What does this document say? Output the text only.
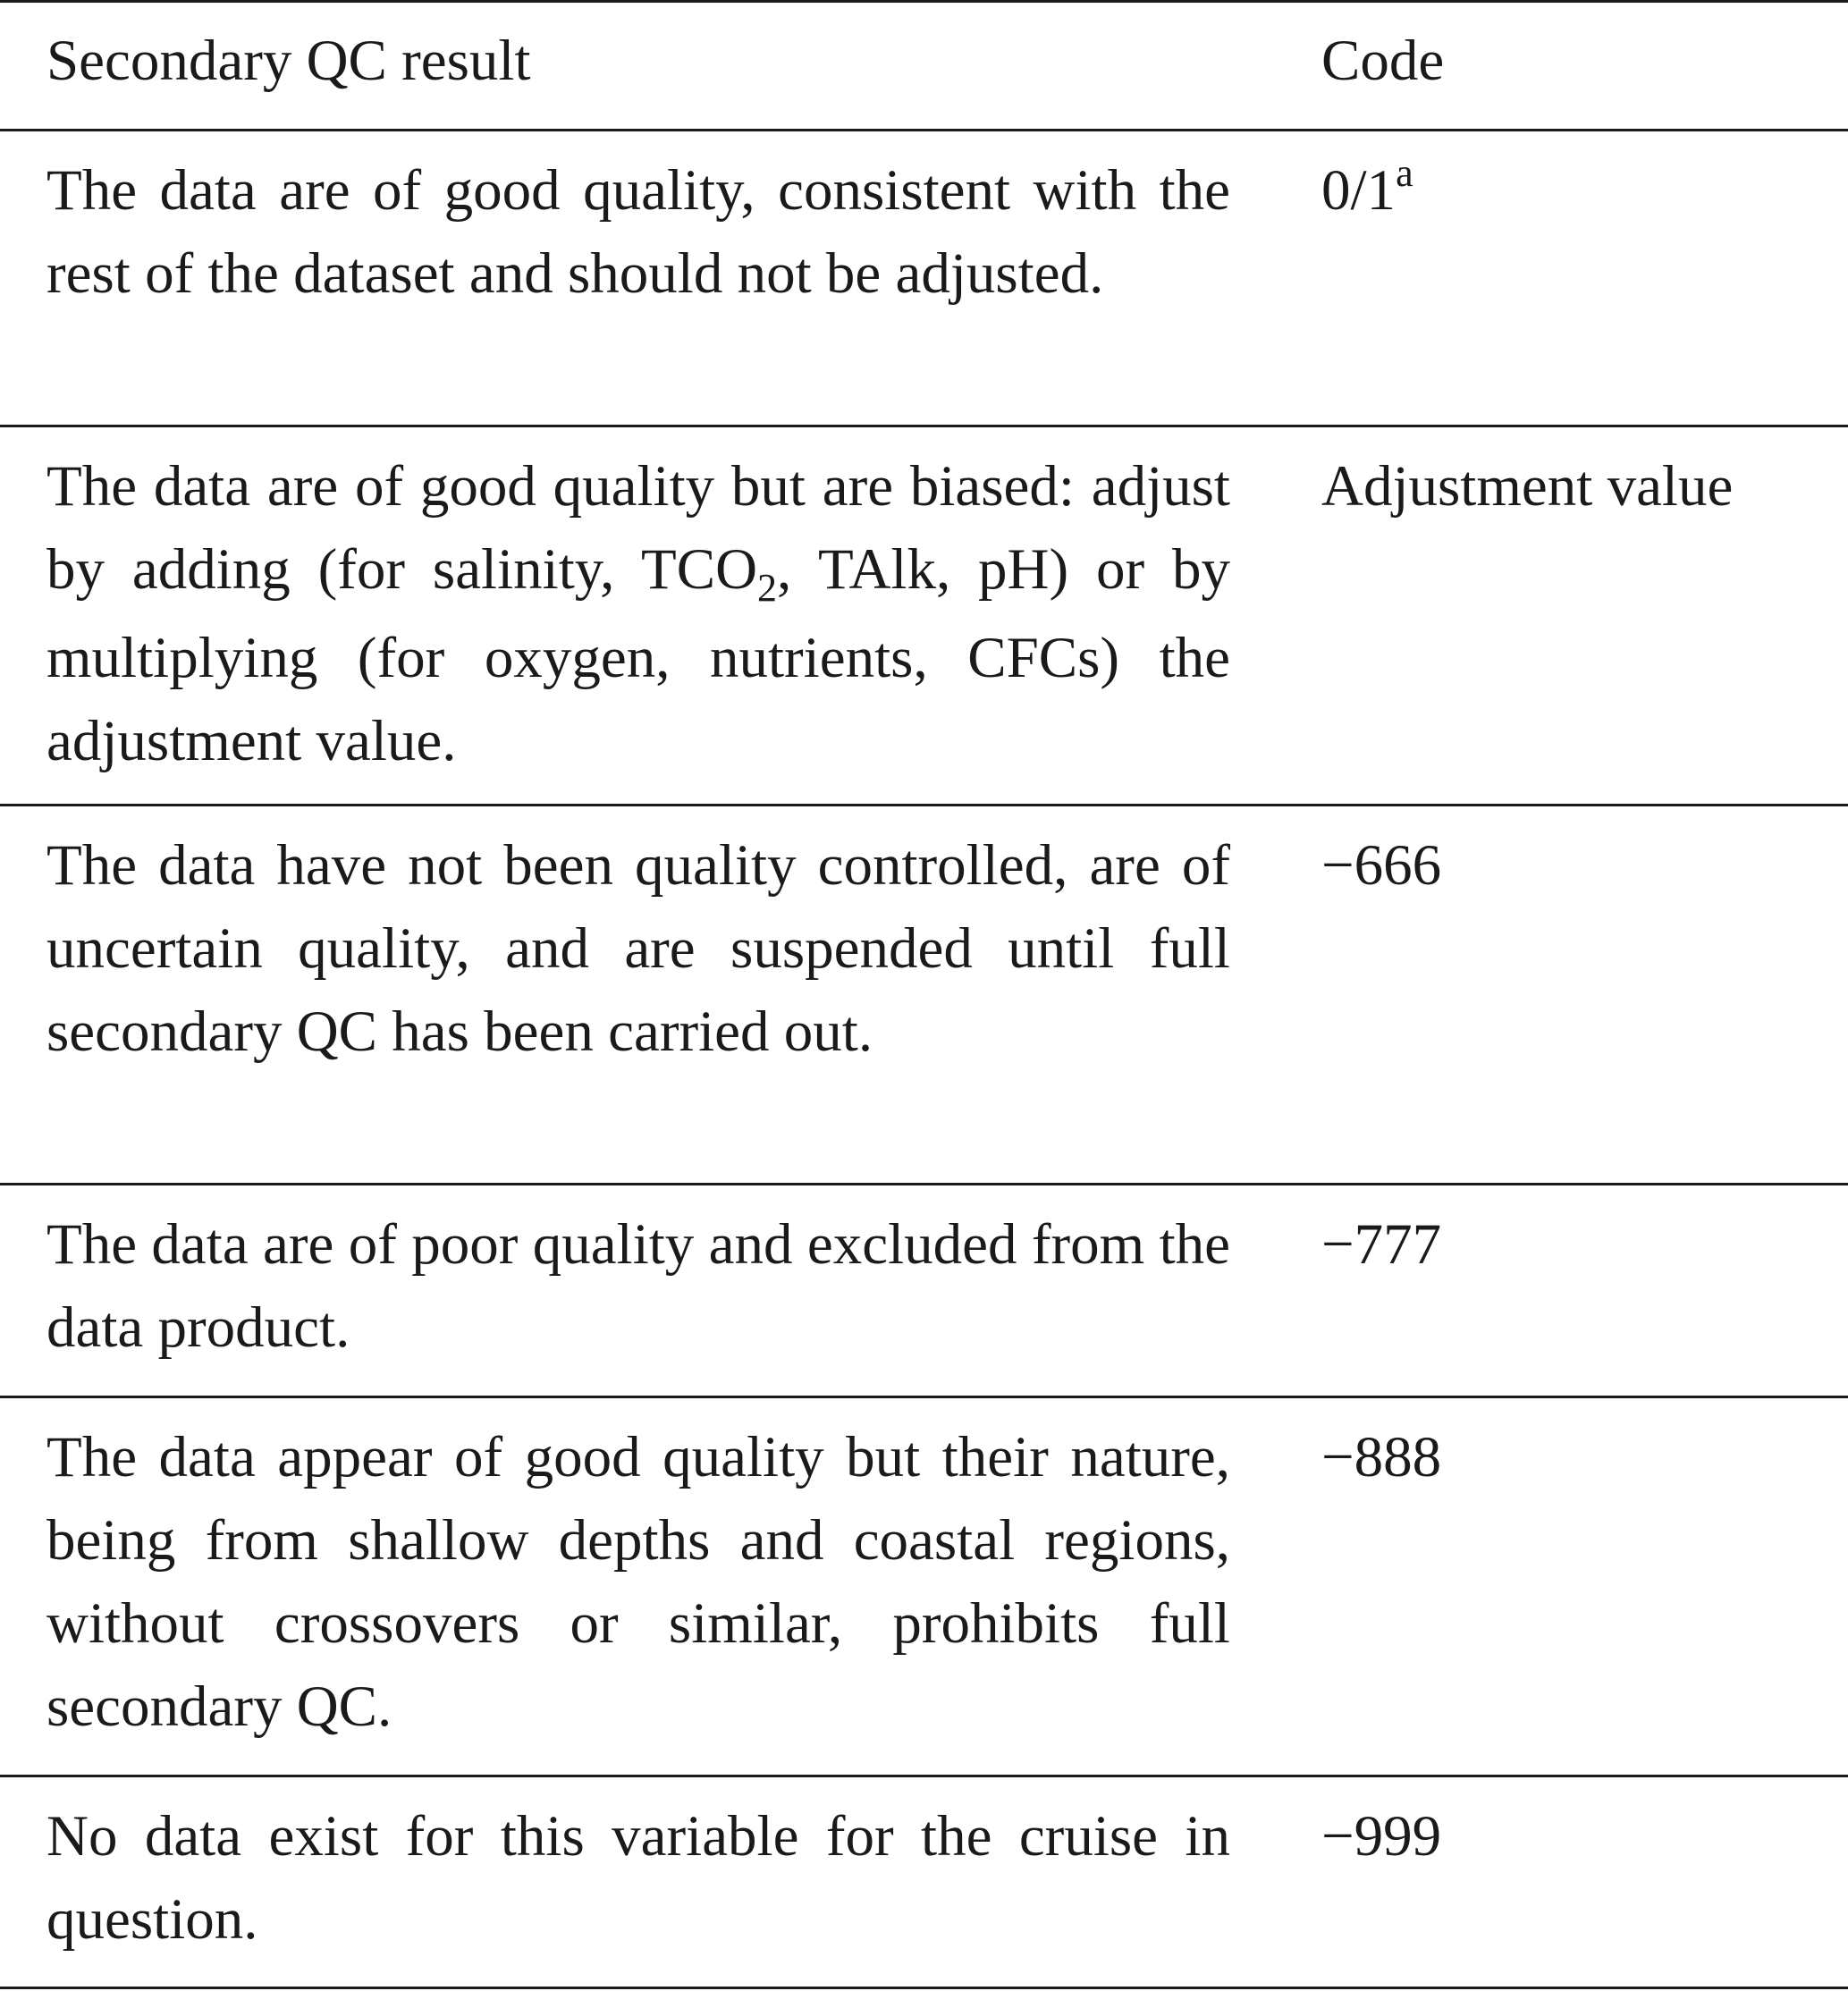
Secondary QC result	Code
The data are of good quality, consistent with the rest of the dataset and should not be adjusted.
0/1$^a$
The data are of good quality but are biased: adjust by adding (for salinity, $TCO_2$, TAlk, pH) or by multiplying (for oxygen, nutrients, CFCs) the adjustment value.
Adjustment value
The data have not been quality controlled, are of uncertain quality, and are suspended until full secondary QC has been carried out.
−666
The data are of poor quality and excluded from the data product.
−777
The data appear of good quality but their nature, being from shallow depths and coastal regions, without crossovers or similar, prohibits full secondary QC.
−888
No data exist for this variable for the cruise in question.
−999
